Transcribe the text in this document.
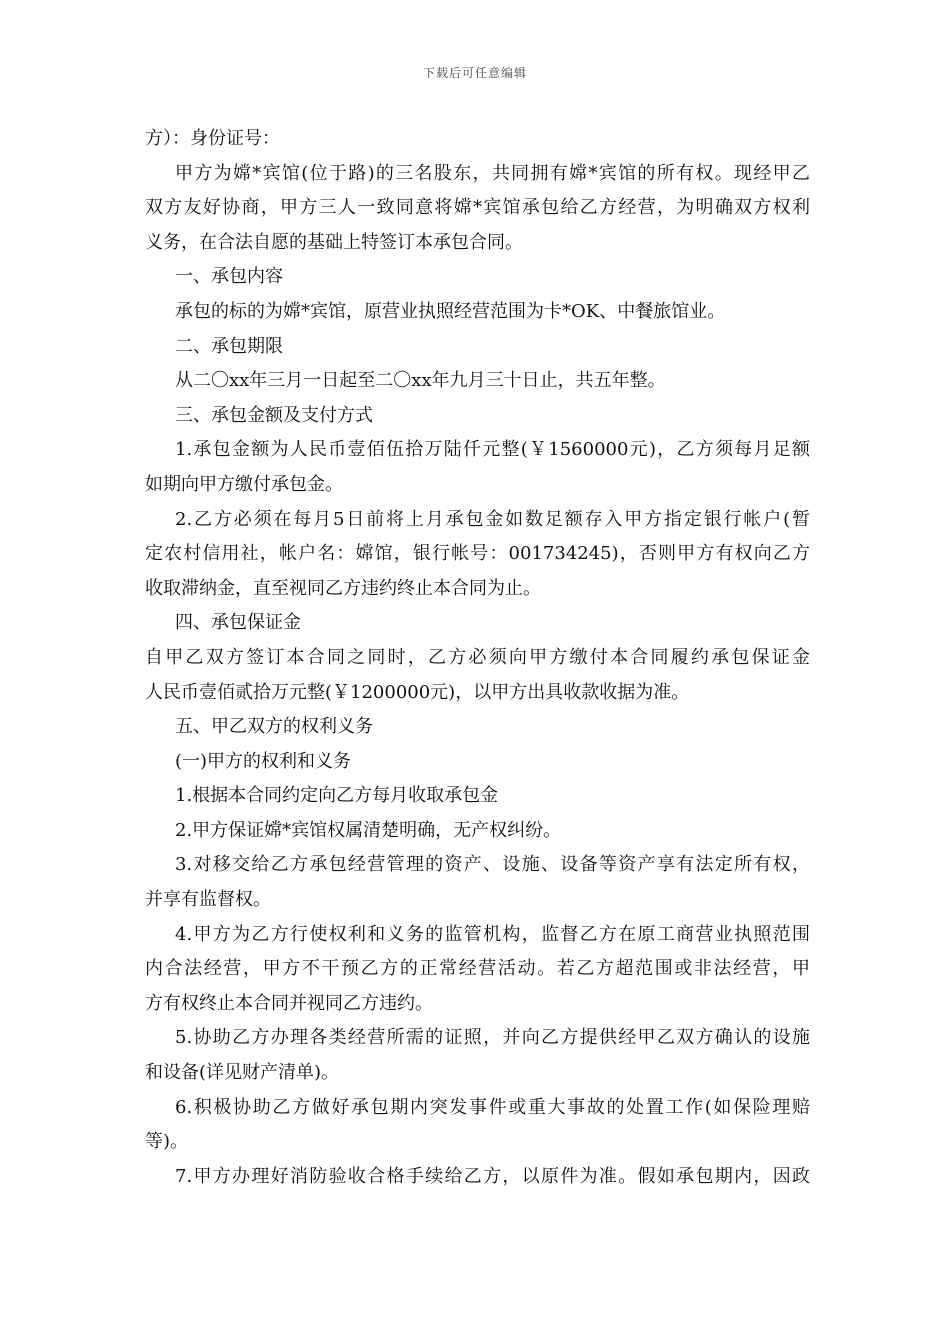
下载后可任意编辑
方）：身份证号：
甲方为嫦*宾馆(位于路)的三名股东，共同拥有嫦*宾馆的所有权。现经甲乙
双方友好协商，甲方三人一致同意将嫦*宾馆承包给乙方经营，为明确双方权利
义务，在合法自愿的基础上特签订本承包合同。
一、承包内容
承包的标的为嫦*宾馆，原营业执照经营范围为卡*OK、中餐旅馆业。
二、承包期限
从二〇xx年三月一日起至二〇xx年九月三十日止，共五年整。
三、承包金额及支付方式
1.承包金额为人民币壹佰伍拾万陆仟元整(￥1560000元)，乙方须每月足额
如期向甲方缴付承包金。
2.乙方必须在每月5日前将上月承包金如数足额存入甲方指定银行帐户(暂
定农村信用社，帐户名：嫦馆，银行帐号：001734245)，否则甲方有权向乙方
收取滞纳金，直至视同乙方违约终止本合同为止。
四、承包保证金
自甲乙双方签订本合同之同时，乙方必须向甲方缴付本合同履约承包保证金
人民币壹佰贰拾万元整(￥1200000元)，以甲方出具收款收据为准。
五、甲乙双方的权利义务
(一)甲方的权利和义务
1.根据本合同约定向乙方每月收取承包金
2.甲方保证嫦*宾馆权属清楚明确，无产权纠纷。
3.对移交给乙方承包经营管理的资产、设施、设备等资产享有法定所有权，
并享有监督权。
4.甲方为乙方行使权利和义务的监管机构，监督乙方在原工商营业执照范围
内合法经营，甲方不干预乙方的正常经营活动。若乙方超范围或非法经营，甲
方有权终止本合同并视同乙方违约。
5.协助乙方办理各类经营所需的证照，并向乙方提供经甲乙双方确认的设施
和设备(详见财产清单)。
6.积极协助乙方做好承包期内突发事件或重大事故的处置工作(如保险理赔
等)。
7.甲方办理好消防验收合格手续给乙方，以原件为准。假如承包期内，因政
